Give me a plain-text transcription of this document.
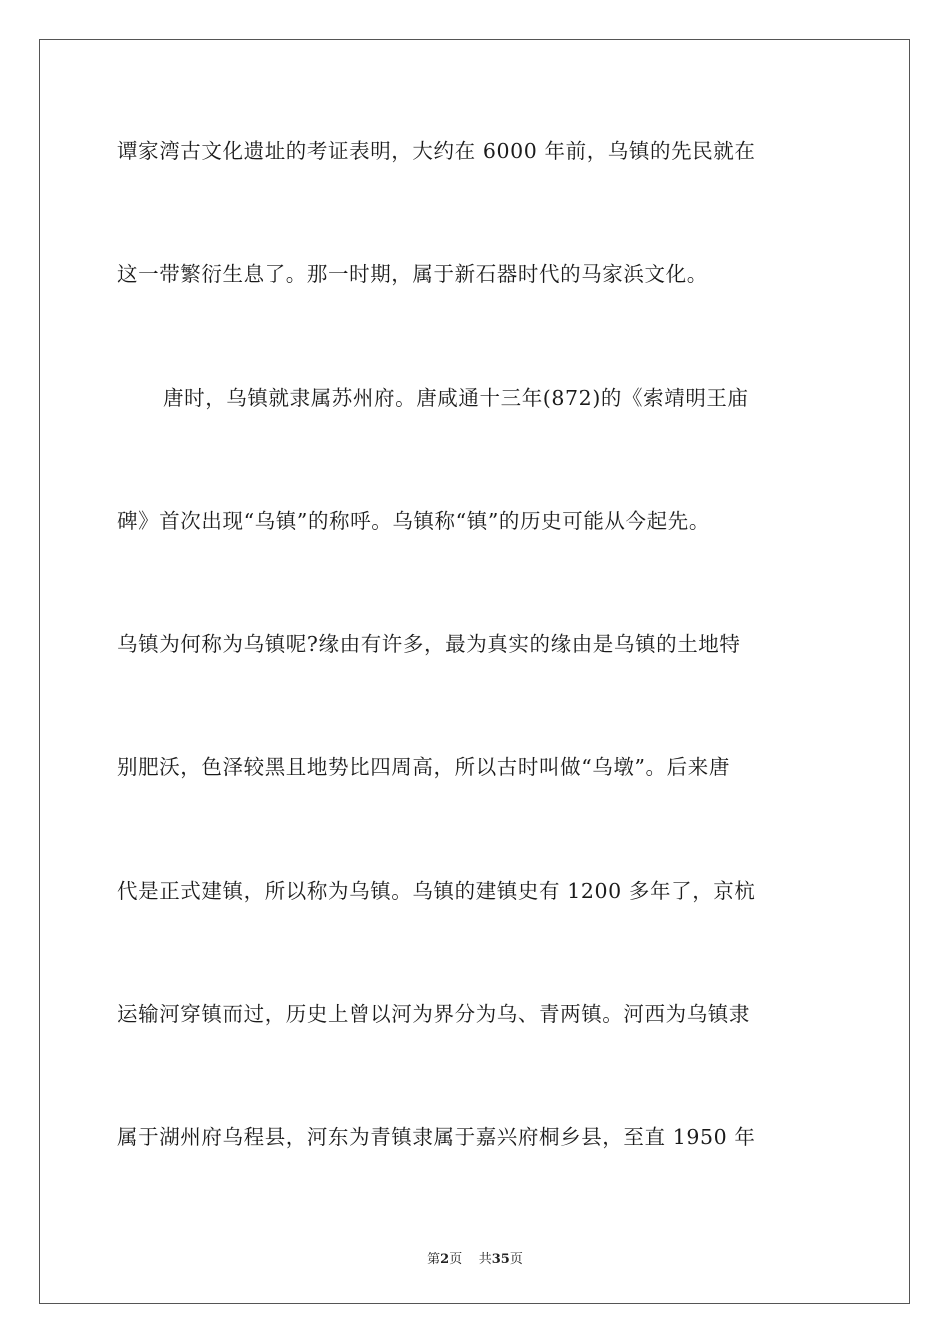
谭家湾古文化遗址的考证表明，大约在 6000 年前，乌镇的先民就在
这一带繁衍生息了。那一时期，属于新石器时代的马家浜文化。
唐时，乌镇就隶属苏州府。唐咸通十三年(872)的《索靖明王庙
碑》首次出现“乌镇”的称呼。乌镇称“镇”的历史可能从今起先。
乌镇为何称为乌镇呢?缘由有许多，最为真实的缘由是乌镇的土地特
别肥沃，色泽较黑且地势比四周高，所以古时叫做“乌墩”。后来唐
代是正式建镇，所以称为乌镇。乌镇的建镇史有 1200 多年了，京杭
运输河穿镇而过，历史上曾以河为界分为乌、青两镇。河西为乌镇隶
属于湖州府乌程县，河东为青镇隶属于嘉兴府桐乡县，至直 1950 年
第2页    共35页
